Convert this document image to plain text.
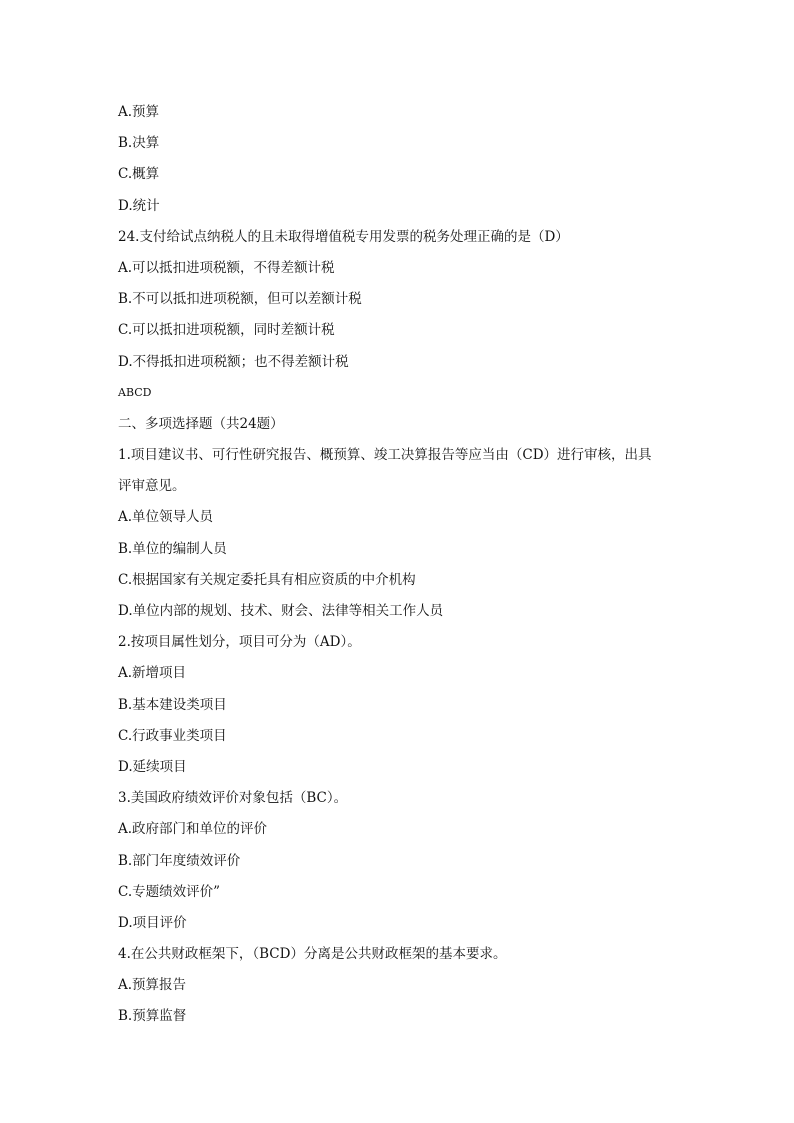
A.预算
B.决算
C.概算
D.统计
24.支付给试点纳税人的且未取得增值税专用发票的税务处理正确的是（D）
A.可以抵扣进项税额，不得差额计税
B.不可以抵扣进项税额，但可以差额计税
C.可以抵扣进项税额，同时差额计税
D.不得抵扣进项税额；也不得差额计税
ABCD
二、多项选择题（共24题）
1.项目建议书、可行性研究报告、概预算、竣工决算报告等应当由（CD）进行审核，出具
评审意见。
A.单位领导人员
B.单位的编制人员
C.根据国家有关规定委托具有相应资质的中介机构
D.单位内部的规划、技术、财会、法律等相关工作人员
2.按项目属性划分，项目可分为（AD）。
A.新增项目
B.基本建设类项目
C.行政事业类项目
D.延续项目
3.美国政府绩效评价对象包括（BC）。
A.政府部门和单位的评价
B.部门年度绩效评价
C.专题绩效评价”
D.项目评价
4.在公共财政框架下，（BCD）分离是公共财政框架的基本要求。
A.预算报告
B.预算监督
